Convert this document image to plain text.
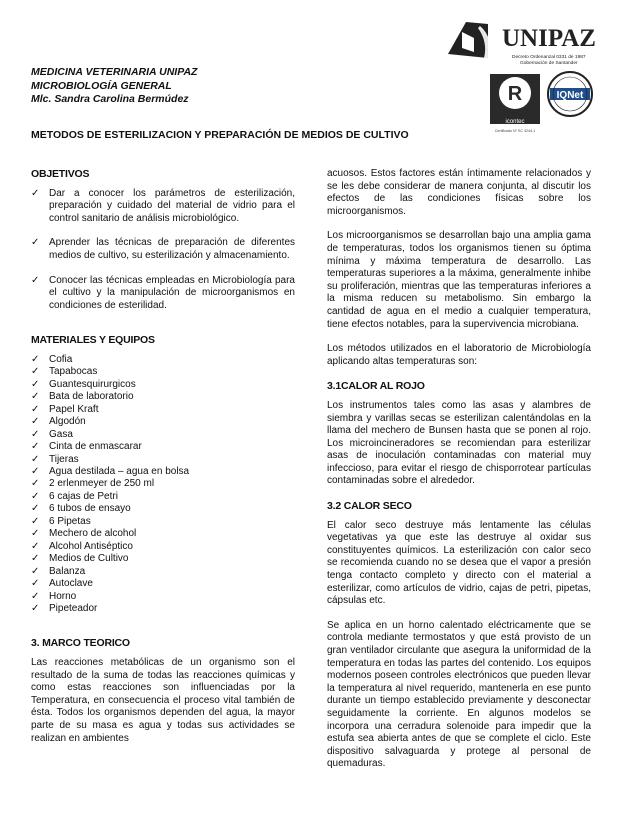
MEDICINA VETERINARIA UNIPAZ
MICROBIOLOGÍA GENERAL
Mlc. Sandra Carolina Bermúdez
UNIPAZ
Decreto Ordenanzal 0331 de 1987
Gobernación de Santander
R
ISO 9001
icontec
IQNet
Certificado N° SC 3244-1
METODOS DE ESTERILIZACION Y PREPARACIÓN DE MEDIOS DE CULTIVO
OBJETIVOS
✓ Dar a conocer los parámetros de esterilización, preparación y cuidado del material de vidrio para el control sanitario de análisis microbiológico.
✓ Aprender las técnicas de preparación de diferentes medios de cultivo, su esterilización y almacenamiento.
✓ Conocer las técnicas empleadas en Microbiología para el cultivo y la manipulación de microorganismos en condiciones de esterilidad.
MATERIALES Y EQUIPOS
✓ Cofia
✓ Tapabocas
✓ Guantesquirurgicos
✓ Bata de laboratorio
✓ Papel Kraft
✓ Algodón
✓ Gasa
✓ Cinta de enmascarar
✓ Tijeras
✓ Agua destilada – agua en bolsa
✓ 2 erlenmeyer de 250 ml
✓ 6 cajas de Petri
✓ 6 tubos de ensayo
✓ 6 Pipetas
✓ Mechero de alcohol
✓ Alcohol Antiséptico
✓ Medios de Cultivo
✓ Balanza
✓ Autoclave
✓ Horno
✓ Pipeteador
3. MARCO TEORICO

Las reacciones metabólicas de un organismo son el resultado de la suma de todas las reacciones químicas y como estas reacciones son influenciadas por la Temperatura, en consecuencia el proceso vital también de ésta. Todos los organismos dependen del agua, la mayor parte de su masa es agua y todas sus actividades se realizan en ambientes

acuosos. Estos factores están íntimamente relacionados y se les debe considerar de manera conjunta, al discutir los efectos de las condiciones físicas sobre los microorganismos.

Los microorganismos se desarrollan bajo una amplia gama de temperaturas, todos los organismos tienen su óptima mínima y máxima temperatura de desarrollo. Las temperaturas superiores a la máxima, generalmente inhibe su proliferación, mientras que las temperaturas inferiores a la misma reducen su metabolismo. Sin embargo la cantidad de agua en el medio a cualquier temperatura, tiene efectos notables, para la supervivencia microbiana.

Los métodos utilizados en el laboratorio de Microbiología aplicando altas temperaturas son:

3.1CALOR AL ROJO

Los instrumentos tales como las asas y alambres de siembra y varillas secas se esterilizan calentándolas en la llama del mechero de Bunsen hasta que se ponen al rojo. Los microincineradores se recomiendan para esterilizar asas de inoculación contaminadas con material muy infeccioso, para evitar el riesgo de chisporrotear partículas contaminadas sobre el alrededor.

3.2 CALOR SECO

El calor seco destruye más lentamente las células vegetativas ya que este las destruye al oxidar sus constituyentes químicos. La esterilización con calor seco se recomienda cuando no se desea que el vapor a presión tenga contacto completo y directo con el material a esterilizar, como artículos de vidrio, cajas de petri, pipetas, cápsulas etc.

Se aplica en un horno calentado eléctricamente que se controla mediante termostatos y que está provisto de un gran ventilador circulante que asegura la uniformidad de la temperatura en todas las partes del contenido. Los equipos modernos poseen controles electrónicos que pueden llevar la temperatura al nivel requerido, mantenerla en ese punto durante un tiempo establecido previamente y desconectar seguidamente la corriente. En algunos modelos se incorpora una cerradura solenoide para impedir que la estufa sea abierta antes de que se complete el ciclo. Este dispositivo salvaguarda y protege al personal de quemaduras.
